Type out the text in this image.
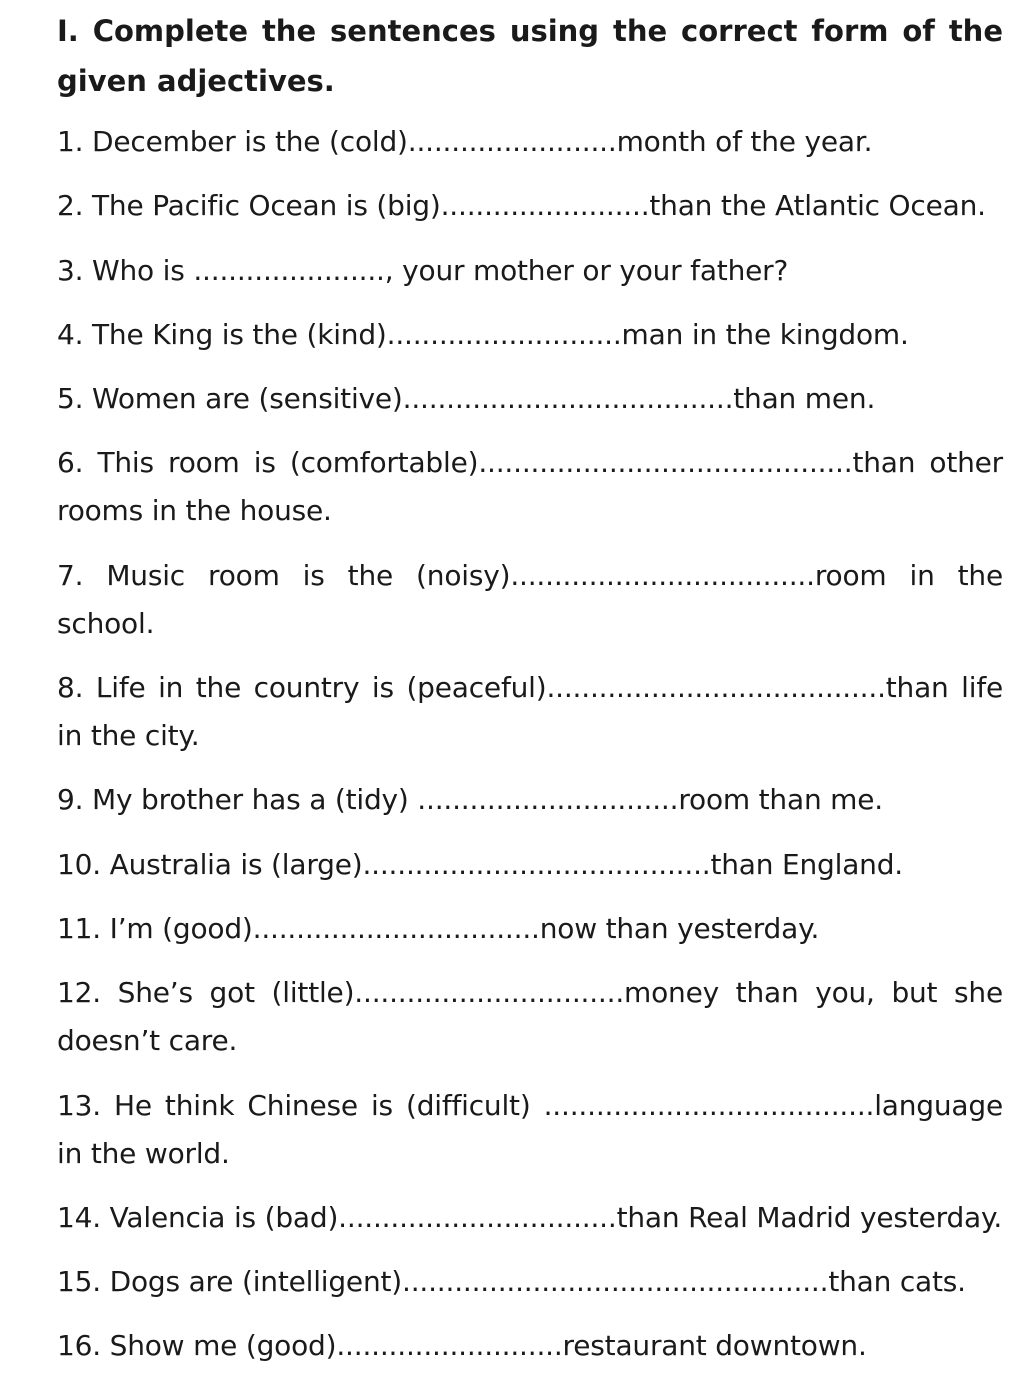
I. Complete the sentences using the correct form of the given adjectives.
1. December is the (cold)........................month of the year.
2. The Pacific Ocean is (big)........................than the Atlantic Ocean.
3. Who is ......................, your mother or your father?
4. The King is the (kind)...........................man in the kingdom.
5. Women are (sensitive)......................................than men.
6. This room is (comfortable)...........................................than other rooms in the house.
7. Music room is the (noisy)...................................room in the school.
8. Life in the country is (peaceful).......................................than life in the city.
9. My brother has a (tidy) ..............................room than me.
10. Australia is (large)........................................than England.
11. I’m (good).................................now than yesterday.
12. She’s got (little)...............................money than you, but she doesn’t care.
13. He think Chinese is (difficult) ......................................language in the world.
14. Valencia is (bad)................................than Real Madrid yesterday.
15. Dogs are (intelligent).................................................than cats.
16. Show me (good)..........................restaurant downtown.
